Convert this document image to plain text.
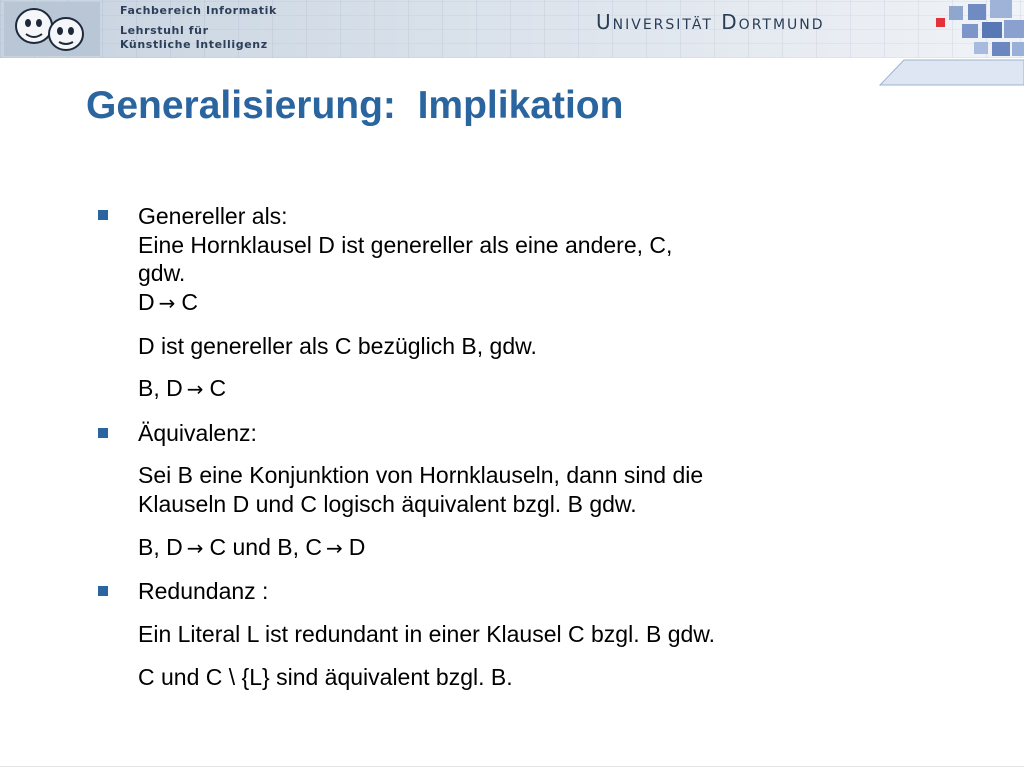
Fachbereich Informatik
Lehrstuhl für
Künstliche Intelligenz
Universität Dortmund
Generalisierung:  Implikation
Genereller als:
Eine Hornklausel D ist genereller als eine andere, C,
gdw.
D → C
D ist genereller als C bezüglich B, gdw.
B, D → C
Äquivalenz:
Sei B eine Konjunktion von Hornklauseln, dann sind die
Klauseln D und C logisch äquivalent bzgl. B gdw.
B, D → C und B, C → D
Redundanz :
Ein Literal L ist redundant in einer Klausel C bzgl. B gdw.
C und C \ {L} sind äquivalent bzgl. B.
